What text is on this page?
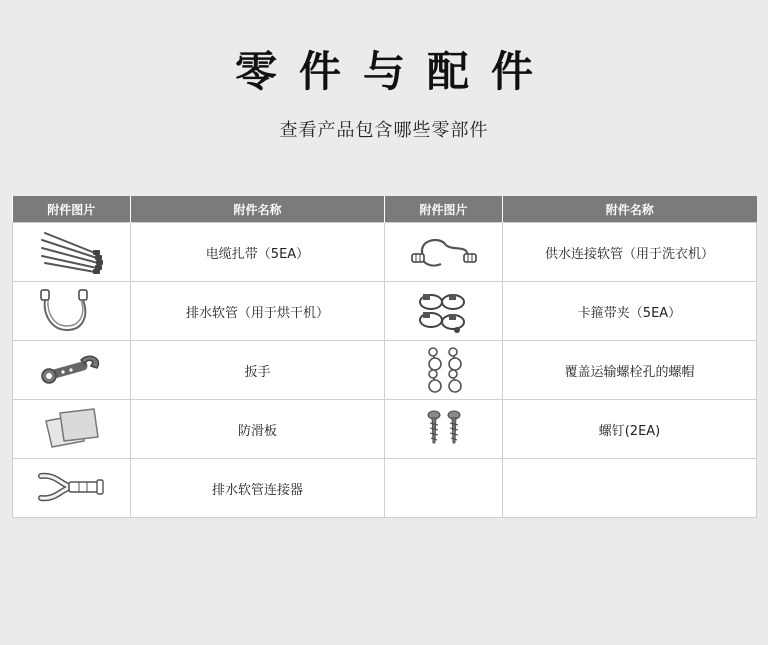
零件与配件
查看产品包含哪些零部件
附件图片	附件名称	附件图片	附件名称

	电缆扎带（5EA）		供水连接软管（用于洗衣机）

	排水软管（用于烘干机）		卡箍带夹（5EA）

	扳手		覆盖运输螺栓孔的螺帽

	防滑板		螺钉(2EA)

	排水软管连接器		
